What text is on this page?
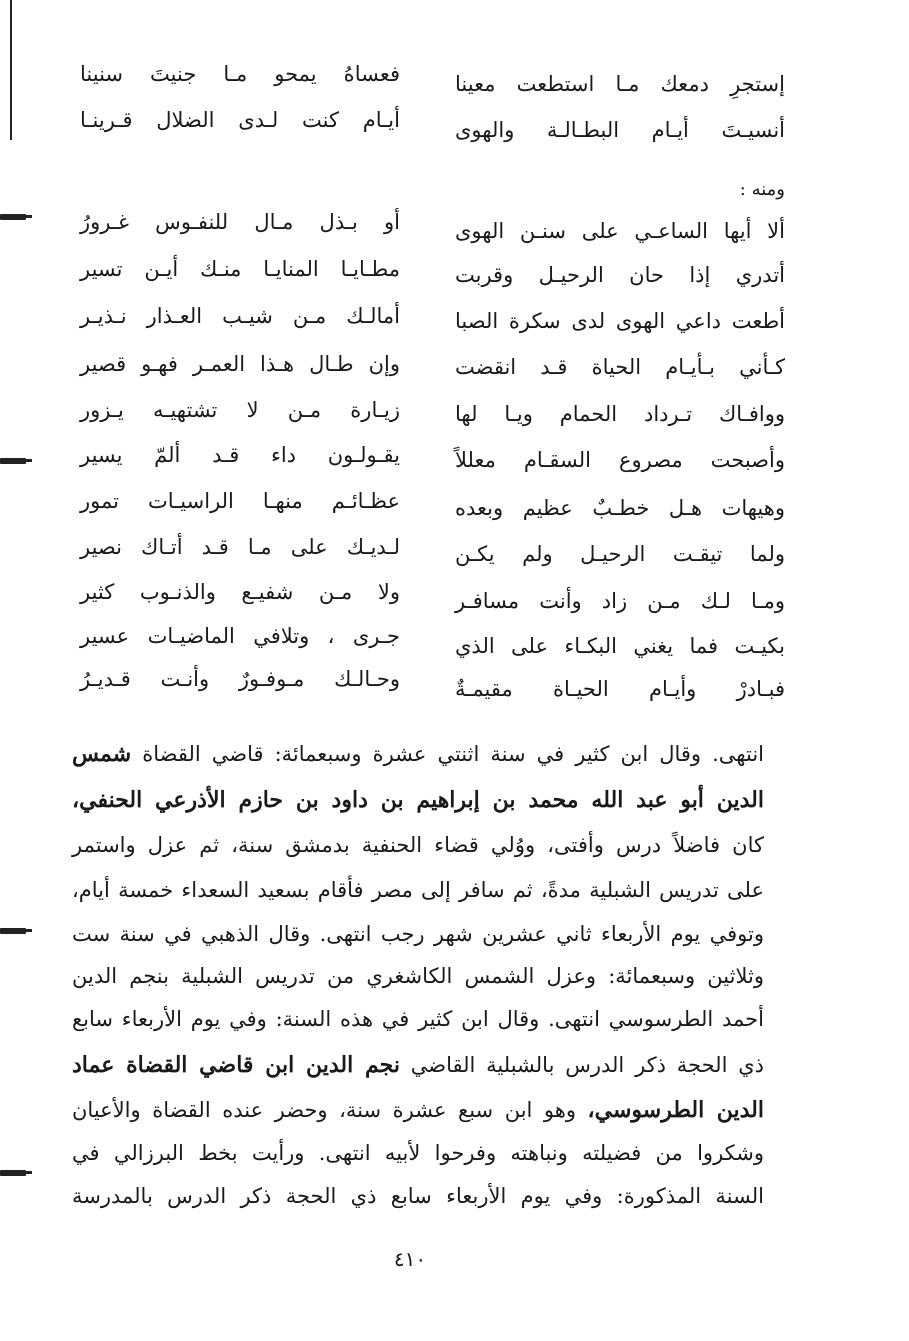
إستجرِ دمعك مـا استطعت معينا
أنسيـتَ أيـام البطـالـة والهوى
فعساهُ يمحو مـا جنيتَ سنينا
أيـام كنت لـدى الضلال قـرينـا
ومنه :
ألا أيها الساعـي على سنـن الهوى
أتدري إذا حان الرحيـل وقربت
أطعت داعي الهوى لدى سكرة الصبا
كـأني بـأيـام الحياة قـد انقضت
ووافـاك تـرداد الحمام ويـا لها
وأصبحت مصروع السقـام معللاً
وهيهات هـل خطـبٌ عظيم وبعده
ولما تيقـت الرحيـل ولم يكـن
ومـا لـك مـن زاد وأنت مسافـر
بكيـت فما يغني البكـاء على الذي
فبـادرْ وأيـام الحيـاة مقيمـةٌ
أو بـذل مـال للنفـوس غـرورُ
مطـايـا المنايـا منـك أيـن تسير
أمالـك مـن شيـب العـذار نـذيـر
وإن طـال هـذا العمـر فهـو قصير
زيـارة مـن لا تشتهيـه يـزور
يقـولـون داء قـد ألمّ يسير
عظـائـم منهـا الراسيـات تمور
لـديـك على مـا قـد أتـاك نصير
ولا مـن شفيـع والذنـوب كثير
جـرى ، وتلافي الماضيـات عسير
وحـالـك مـوفـورٌ وأنـت قـديـرُ
انتهى. وقال ابن كثير في سنة اثنتي عشرة وسبعمائة: قاضي القضاة شمس
الدين أبو عبد الله محمد بن إبراهيم بن داود بن حازم الأذرعي الحنفي،
كان فاضلاً درس وأفتى، ووُلي قضاء الحنفية بدمشق سنة، ثم عزل واستمر
على تدريس الشبلية مدةً، ثم سافر إلى مصر فأقام بسعيد السعداء خمسة أيام،
وتوفي يوم الأربعاء ثاني عشرين شهر رجب انتهى. وقال الذهبي في سنة ست
وثلاثين وسبعمائة: وعزل الشمس الكاشغري من تدريس الشبلية بنجم الدين
أحمد الطرسوسي انتهى. وقال ابن كثير في هذه السنة: وفي يوم الأربعاء سابع
ذي الحجة ذكر الدرس بالشبلية القاضي نجم الدين ابن قاضي القضاة عماد
الدين الطرسوسي، وهو ابن سبع عشرة سنة، وحضر عنده القضاة والأعيان
وشكروا من فضيلته ونباهته وفرحوا لأبيه انتهى. ورأيت بخط البرزالي في
السنة المذكورة: وفي يوم الأربعاء سابع ذي الحجة ذكر الدرس بالمدرسة
٤١٠
